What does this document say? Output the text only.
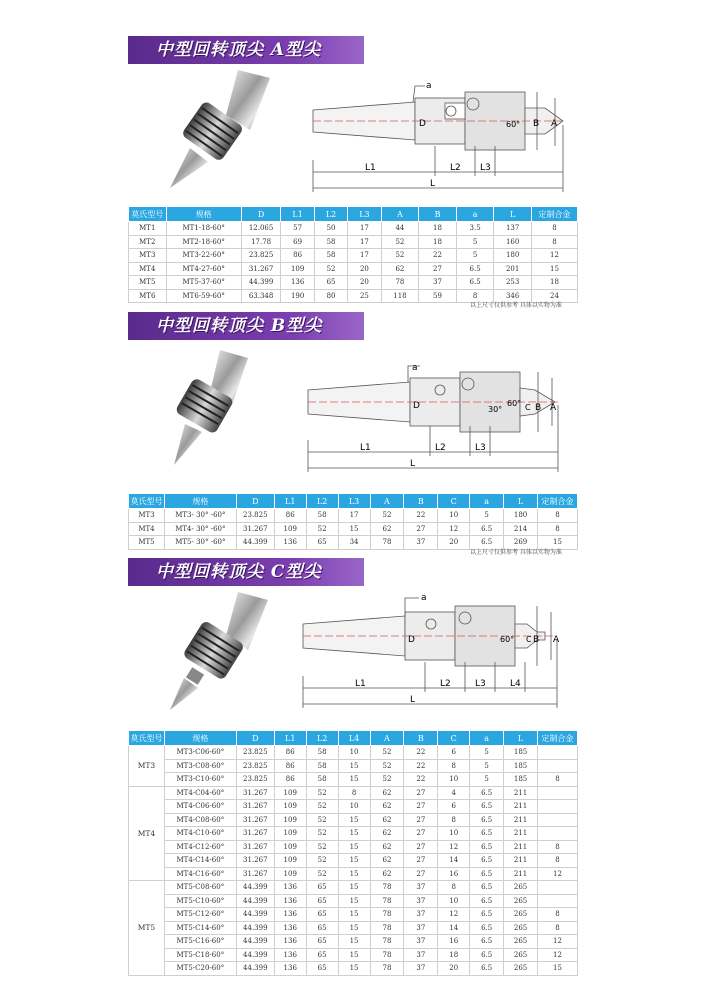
中型回转顶尖 A型尖
a
D	60° B A
L1	L2 L3
L
莫氏型号	规格	D	L1	L2	L3	A	B	a	L	定制合金
MT1	MT1-18-60°	12.065	57	50	17	44	18	3.5	137	8
MT2	MT2-18-60°	17.78	69	58	17	52	18	5	160	8
MT3	MT3-22-60°	23.825	86	58	17	52	22	5	180	12
MT4	MT4-27-60°	31.267	109	52	20	62	27	6.5	201	15
MT5	MT5-37-60°	44.399	136	65	20	78	37	6.5	253	18
MT6	MT6-59-60°	63.348	190	80	25	118	59	8	346	24
以上尺寸仅供参考 具体以实物为准
中型回转顶尖 B型尖
a
D	30°
60° C B A
L1	L2	L3
L
莫氏型号	规格	D	L1	L2	L3	A	B	C	a	L	定制合金
MT3	MT3- 30° -60°	23.825	86	58	17	52	22	10	5	180	8
MT4	MT4- 30° -60°	31.267	109	52	15	62	27	12	6.5	214	8
MT5	MT5- 30° -60°	44.399	136	65	34	78	37	20	6.5	269	15
以上尺寸仅供参考 具体以实物为准
中型回转顶尖 C型尖
a
D	60° C B A
L1	L2	L3	L4
L
莫氏型号	规格	D	L1	L2	L4	A	B	C	a	L	定制合金
MT3	MT3-C06-60°	23.825	86	58	10	52	22	6	5	185	
	MT3-C08-60°	23.825	86	58	15	52	22	8	5	185	
	MT3-C10-60°	23.825	86	58	15	52	22	10	5	185	8
MT4	MT4-C04-60°	31.267	109	52	8	62	27	4	6.5	211	
	MT4-C06-60°	31.267	109	52	10	62	27	6	6.5	211	
	MT4-C08-60°	31.267	109	52	15	62	27	8	6.5	211	
	MT4-C10-60°	31.267	109	52	15	62	27	10	6.5	211	
	MT4-C12-60°	31.267	109	52	15	62	27	12	6.5	211	8
	MT4-C14-60°	31.267	109	52	15	62	27	14	6.5	211	8
	MT4-C16-60°	31.267	109	52	15	62	27	16	6.5	211	12
MT5	MT5-C08-60°	44.399	136	65	15	78	37	8	6.5	265	
	MT5-C10-60°	44.399	136	65	15	78	37	10	6.5	265	
	MT5-C12-60°	44.399	136	65	15	78	37	12	6.5	265	8
	MT5-C14-60°	44.399	136	65	15	78	37	14	6.5	265	8
	MT5-C16-60°	44.399	136	65	15	78	37	16	6.5	265	12
	MT5-C18-60°	44.399	136	65	15	78	37	18	6.5	265	12
	MT5-C20-60°	44.399	136	65	15	78	37	20	6.5	265	15
